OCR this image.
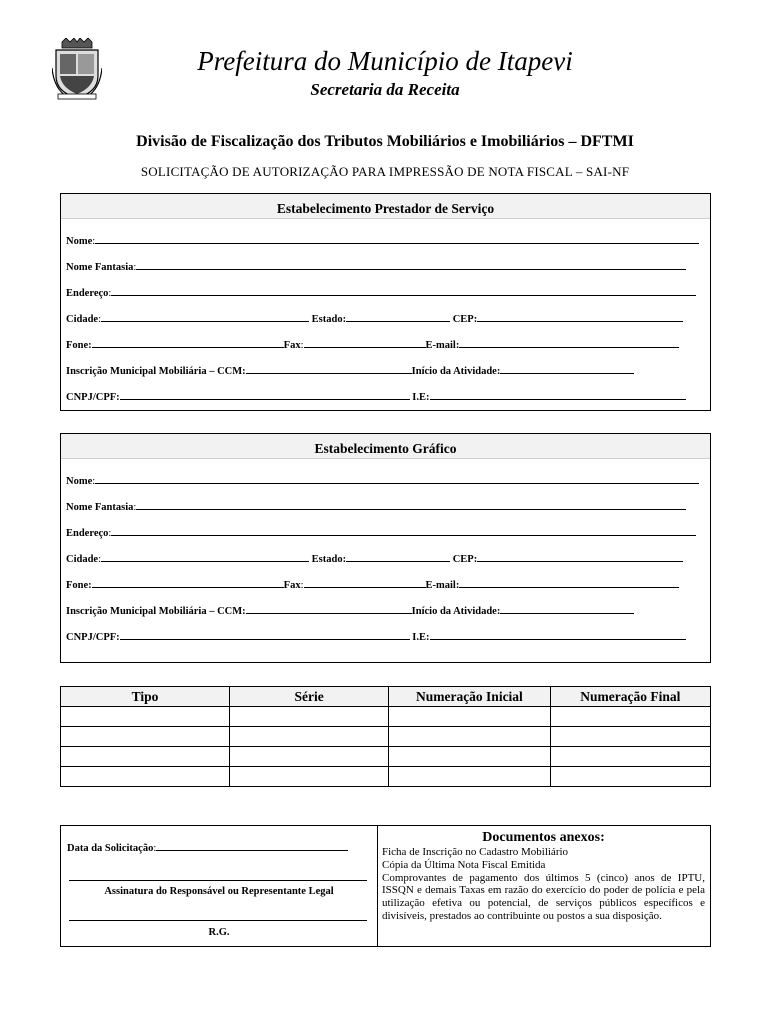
Prefeitura do Município de Itapevi
Secretaria da Receita
Divisão de Fiscalização dos Tributos Mobiliários e Imobiliários – DFTMI
SOLICITAÇÃO DE AUTORIZAÇÃO PARA IMPRESSÃO DE NOTA FISCAL – SAI-NF
Estabelecimento Prestador de Serviço
Nome:
Nome Fantasia:
Endereço:
Cidade:	Estado:	CEP:
Fone:	Fax:	E-mail:
Inscrição Municipal Mobiliária – CCM:	Início da Atividade:
CNPJ/CPF:	I.E:
Estabelecimento Gráfico
Nome:
Nome Fantasia:
Endereço:
Cidade:	Estado:	CEP:
Fone:	Fax:	E-mail:
Inscrição Municipal Mobiliária – CCM:	Início da Atividade:
CNPJ/CPF:	I.E:
Tipo	Série	Numeração Inicial	Numeração Final

Data da Solicitação:
Assinatura do Responsável ou Representante Legal
R.G.
Documentos anexos:
Ficha de Inscrição no Cadastro Mobiliário
Cópia da Última Nota Fiscal Emitida
Comprovantes de pagamento dos últimos 5 (cinco) anos de IPTU, ISSQN e demais Taxas em razão do exercício do poder de polícia e pela utilização efetiva ou potencial, de serviços públicos específicos e divisíveis, prestados ao contribuinte ou postos a sua disposição.
